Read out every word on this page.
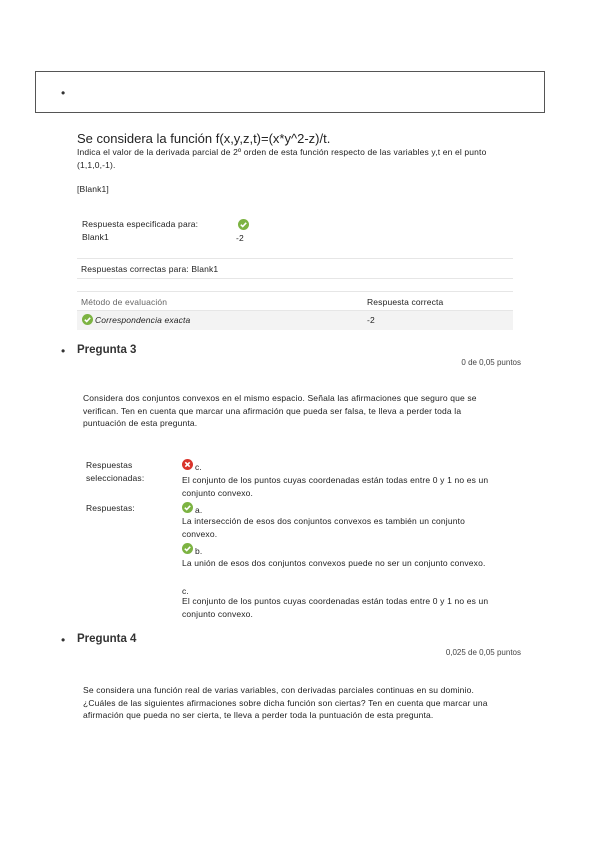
•
Se considera la función f(x,y,z,t)=(x*y^2-z)/t.
Indica el valor de la derivada parcial de 2º orden de esta función respecto de las variables y,t en el punto (1,1,0,-1).
[Blank1]
Respuesta especificada para: Blank1	-2
Respuestas correctas para: Blank1
Método de evaluación	Respuesta correcta
Correspondencia exacta	-2
• Pregunta 3
0 de 0,05 puntos
Considera dos conjuntos convexos en el mismo espacio. Señala las afirmaciones que seguro que se verifican. Ten en cuenta que marcar una afirmación que pueda ser falsa, te lleva a perder toda la puntuación de esta pregunta.
Respuestas seleccionadas:
c.
El conjunto de los puntos cuyas coordenadas están todas entre 0 y 1 no es un conjunto convexo.
Respuestas:	a.
La intersección de esos dos conjuntos convexos es también un conjunto convexo.
b.
La unión de esos dos conjuntos convexos puede no ser un conjunto convexo.
c.
El conjunto de los puntos cuyas coordenadas están todas entre 0 y 1 no es un conjunto convexo.
• Pregunta 4
0,025 de 0,05 puntos
Se considera una función real de varias variables, con derivadas parciales continuas en su dominio. ¿Cuáles de las siguientes afirmaciones sobre dicha función son ciertas? Ten en cuenta que marcar una afirmación que pueda no ser cierta, te lleva a perder toda la puntuación de esta pregunta.
